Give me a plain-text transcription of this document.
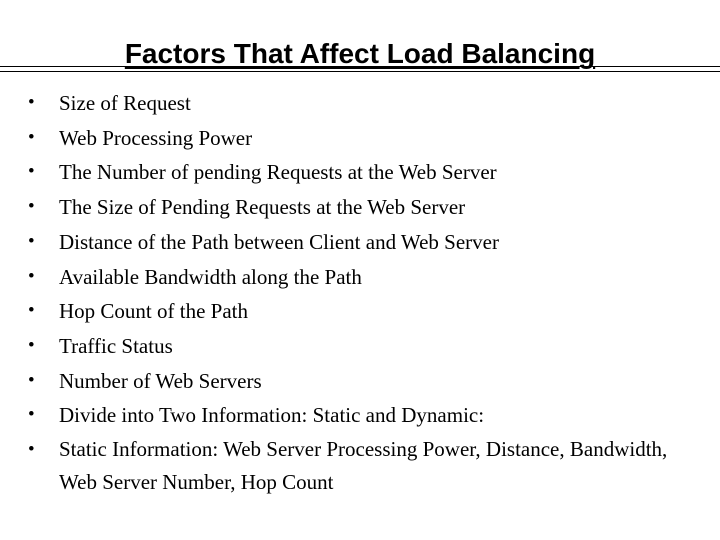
Factors That Affect Load Balancing
• Size of Request
• Web Processing Power
• The Number of pending Requests at the Web Server
• The Size of Pending Requests at the Web Server
• Distance of the Path between Client and Web Server
• Available Bandwidth along the Path
• Hop Count of the Path
• Traffic Status
• Number of Web Servers
• Divide into Two Information: Static and Dynamic:
• Static Information: Web Server Processing Power, Distance, Bandwidth, Web Server Number, Hop Count
